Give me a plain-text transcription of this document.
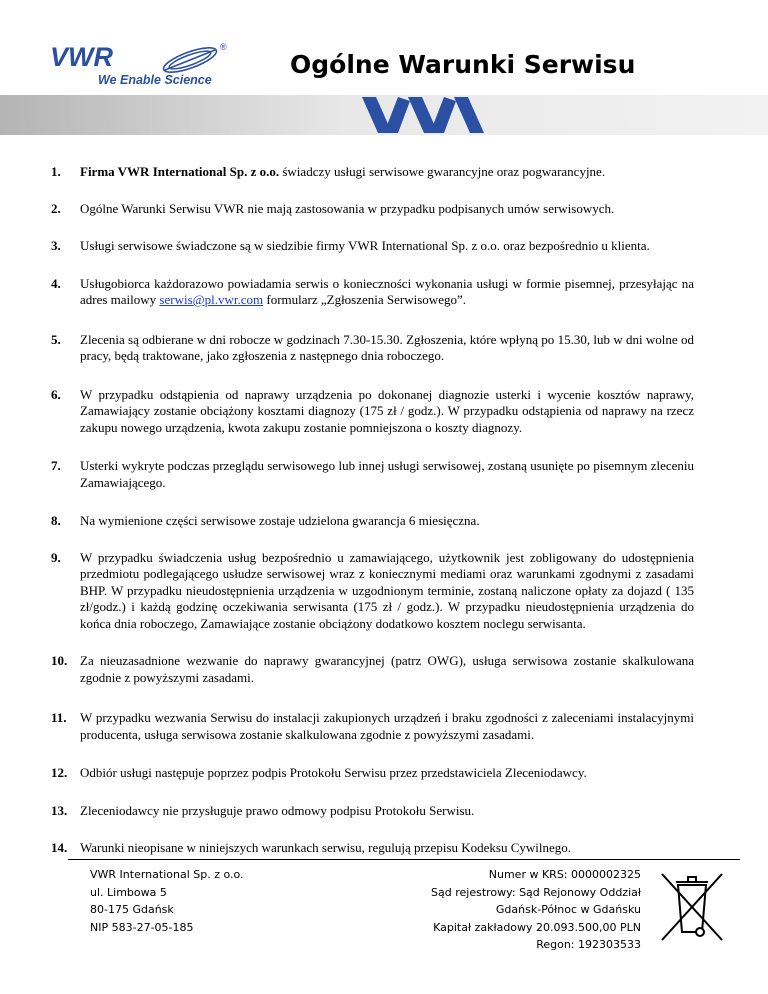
VWR	®
We Enable Science
Ogólne Warunki Serwisu
1.	Firma VWR International Sp. z o.o. świadczy usługi serwisowe gwarancyjne oraz pogwarancyjne.
2.	Ogólne Warunki Serwisu VWR nie mają zastosowania w przypadku podpisanych umów serwisowych.
3.	Usługi serwisowe świadczone są w siedzibie firmy VWR International Sp. z o.o. oraz bezpośrednio u klienta.
4.	Usługobiorca każdorazowo powiadamia serwis o konieczności wykonania usługi w formie pisemnej, przesyłając na adres mailowy serwis@pl.vwr.com formularz „Zgłoszenia Serwisowego”.
5.	Zlecenia są odbierane w dni robocze w godzinach 7.30-15.30. Zgłoszenia, które wpłyną po 15.30, lub w dni wolne od pracy, będą traktowane, jako zgłoszenia z następnego dnia roboczego.
6.	W przypadku odstąpienia od naprawy urządzenia po dokonanej diagnozie usterki i wycenie kosztów naprawy, Zamawiający zostanie obciążony kosztami diagnozy (175 zł / godz.). W przypadku odstąpienia od naprawy na rzecz zakupu nowego urządzenia, kwota zakupu zostanie pomniejszona o koszty diagnozy.
7.	Usterki wykryte podczas przeglądu serwisowego lub innej usługi serwisowej, zostaną usunięte po pisemnym zleceniu Zamawiającego.
8.	Na wymienione części serwisowe zostaje udzielona gwarancja 6 miesięczna.
9.	W przypadku świadczenia usług bezpośrednio u zamawiającego, użytkownik jest zobligowany do udostępnienia przedmiotu podlegającego usłudze serwisowej wraz z koniecznymi mediami oraz warunkami zgodnymi z zasadami BHP. W przypadku nieudostępnienia urządzenia w uzgodnionym terminie, zostaną naliczone opłaty za dojazd ( 135 zł/godz.) i każdą godzinę oczekiwania serwisanta (175 zł / godz.). W przypadku nieudostępnienia urządzenia do końca dnia roboczego, Zamawiające zostanie obciążony dodatkowo kosztem noclegu serwisanta.
10. Za nieuzasadnione wezwanie do naprawy gwarancyjnej (patrz OWG), usługa serwisowa zostanie skalkulowana zgodnie z powyższymi zasadami.
11.	W przypadku wezwania Serwisu do instalacji zakupionych urządzeń i braku zgodności z zaleceniami instalacyjnymi producenta, usługa serwisowa zostanie skalkulowana zgodnie z powyższymi zasadami.
12. Odbiór usługi następuje poprzez podpis Protokołu Serwisu przez przedstawiciela Zleceniodawcy.
13. Zleceniodawcy nie przysługuje prawo odmowy podpisu Protokołu Serwisu.
14. Warunki nieopisane w niniejszych warunkach serwisu, regulują przepisu Kodeksu Cywilnego.
VWR International Sp. z o.o.
ul. Limbowa 5
80-175 Gdańsk
NIP 583-27-05-185
Numer w KRS: 0000002325
Sąd rejestrowy: Sąd Rejonowy Oddział
Gdańsk-Północ w Gdańsku
Kapitał zakładowy 20.093.500,00 PLN
Regon: 192303533
